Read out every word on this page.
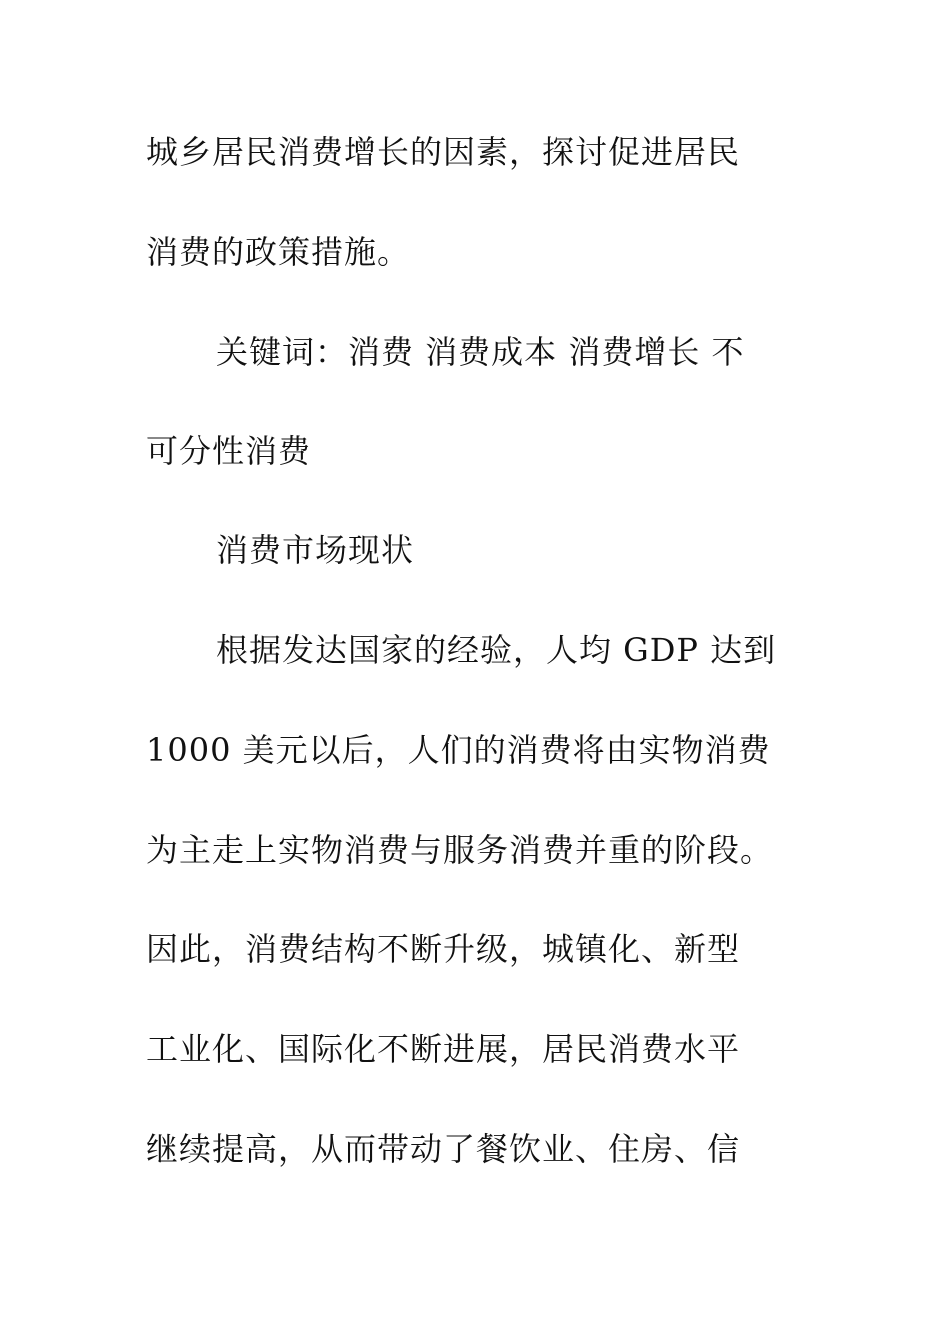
城乡居民消费增长的因素，探讨促进居民
消费的政策措施。
关键词：消费 消费成本 消费增长 不
可分性消费
消费市场现状
根据发达国家的经验，人均 GDP 达到
1000 美元以后，人们的消费将由实物消费
为主走上实物消费与服务消费并重的阶段。
因此，消费结构不断升级，城镇化、新型
工业化、国际化不断进展，居民消费水平
继续提高，从而带动了餐饮业、住房、信
